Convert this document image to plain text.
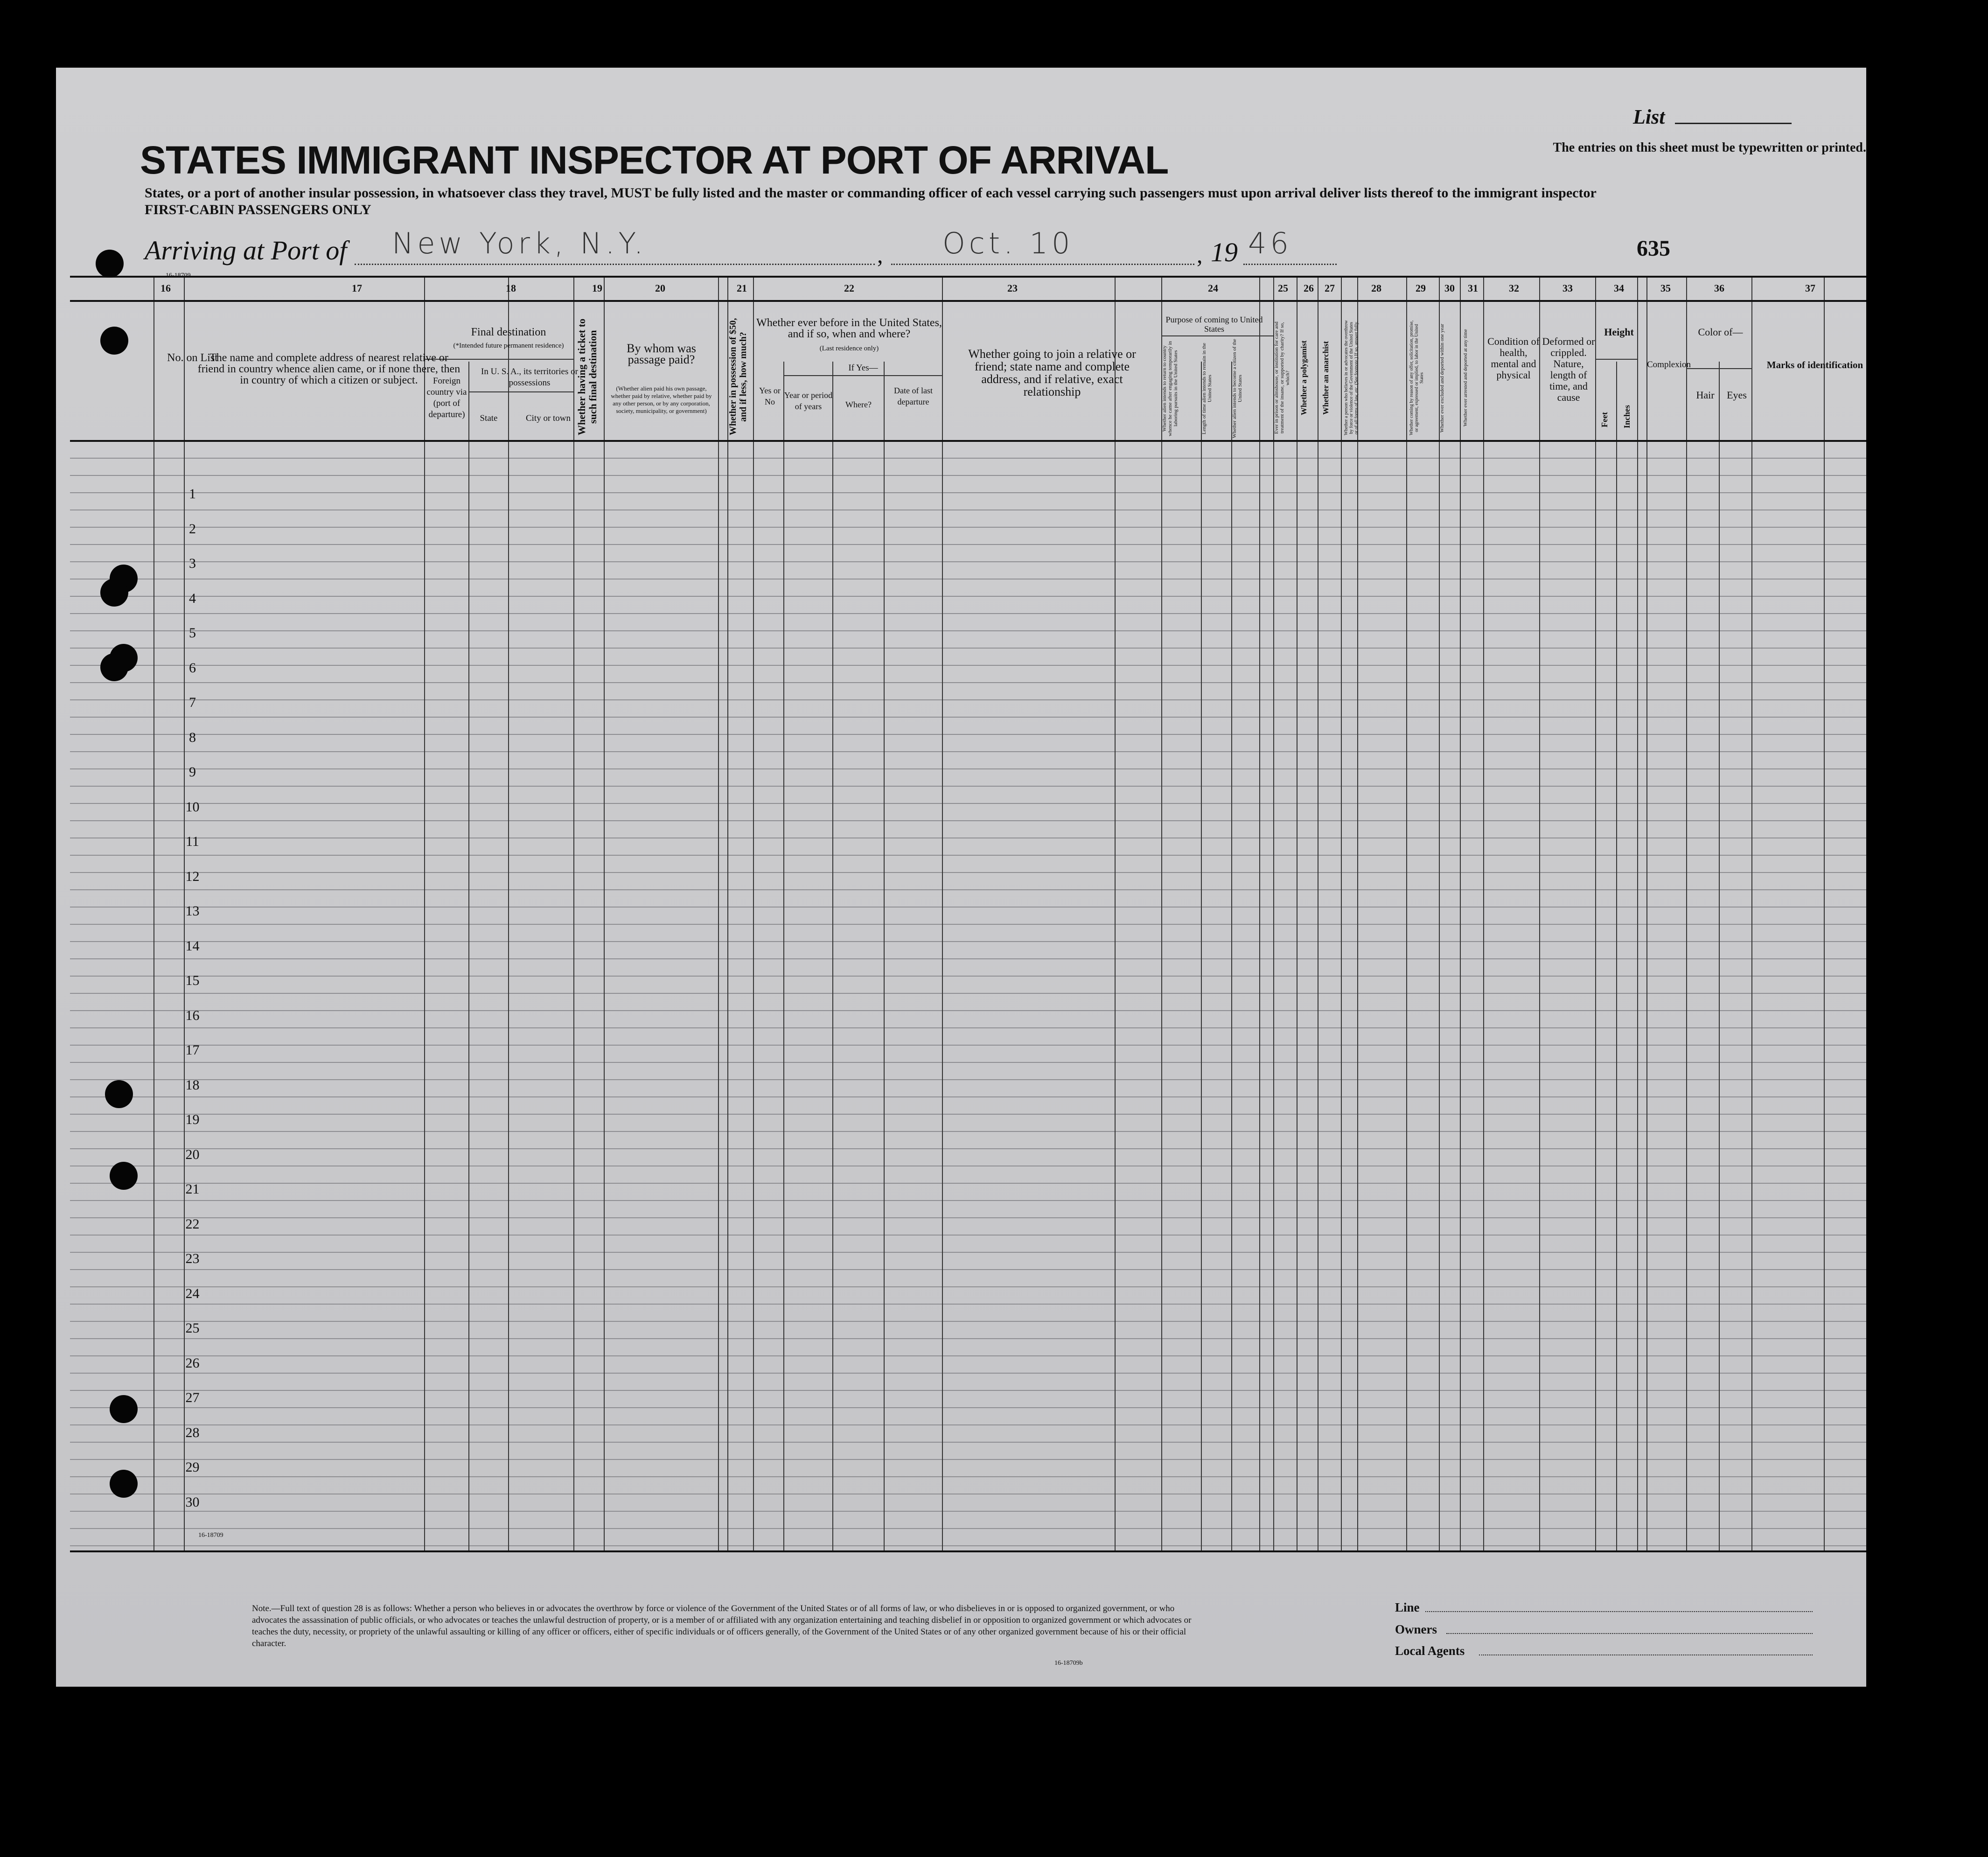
List
The entries on this sheet must be typewritten or printed.
STATES IMMIGRANT INSPECTOR AT PORT OF ARRIVAL
States, or a port of another insular possession, in whatsoever class they travel, MUST be fully listed and the master or commanding officer of each vessel carrying such passengers must upon arrival deliver lists thereof to the immigrant inspector
FIRST-CABIN PASSENGERS ONLY
Arriving at Port of New York, N.Y.	, Oct. 10	, 19 46	635
16-18709
16
No. on List
17
The name and complete address of nearest relative or friend in country whence alien came, or if none there, then in country of which a citizen or subject.
18
Final destination
(*Intended future permanent residence)
Foreign country via (port of departure)
In U. S. A., its territories or possessions
State	City or town
19
Whether having a ticket to such final destination
20
By whom was passage paid?
(Whether alien paid his own passage, whether paid by relative, whether paid by any other person, or by any corporation, society, municipality, or government)
21
Whether in possession of $50, and if less, how much?
22
Whether ever before in the United States, and if so, when and where?
(Last residence only)
Yes or No
If Yes—
Year or period of years	Where?
Date of last departure
23
Whether going to join a relative or friend; state name and complete address, and if relative, exact relationship
24
Purpose of coming to United States
Whether alien intends to return to country whence he came after engaging temporarily in laboring pursuits in the United States	Length of time alien intends to remain in the United States	Whether alien intends to become a citizen of the United States
25
Ever in prison or almshouse, or institution for care and treatment of the insane, or supported by charity? If so, which?
26
Whether a polygamist
27
Whether an anarchist
28
Whether a person who believes in or advocates the overthrow by force or violence of the Government of the United States or of all forms of law, etc. (See footnote.) If so, answer fully.
29
Whether coming by reason of any offer, solicitation, promise, or agreement, expressed or implied, to labor in the United States
30
Whether ever excluded and deported within one year
31
Whether ever arrested and deported at any time
32
Condition of health, mental and physical
33
Deformed or crippled. Nature, length of time, and cause
34
Height
Feet	Inches
35
Complexion
36
Color of—
Hair	Eyes
37
Marks of identification
1
2
3
4
5
6
7
8
9
10
11
12
13
14
15
16
17
18
19
20
21
22
23
24
25
26
27
28
29
30
16-18709
Note.—Full text of question 28 is as follows: Whether a person who believes in or advocates the overthrow by force or violence of the Government of the United States or of all forms of law, or who disbelieves in or is opposed to organized government, or who advocates the assassination of public officials, or who advocates or teaches the unlawful destruction of property, or is a member of or affiliated with any organization entertaining and teaching disbelief in or opposition to organized government or which advocates or teaches the duty, necessity, or propriety of the unlawful assaulting or killing of any officer or officers, either of specific individuals or of officers generally, of the Government of the United States or of any other organized government because of his or their official character.
16-18709b
Line
Owners
Local Agents
